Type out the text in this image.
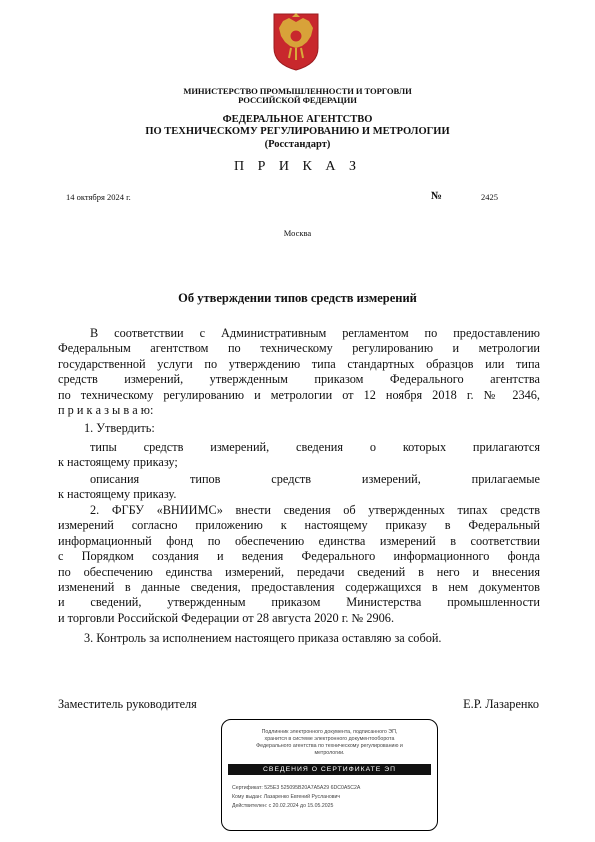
МИНИСТЕРСТВО ПРОМЫШЛЕННОСТИ И ТОРГОВЛИ
РОССИЙСКОЙ ФЕДЕРАЦИИ
ФЕДЕРАЛЬНОЕ АГЕНТСТВО
ПО ТЕХНИЧЕСКОМУ РЕГУЛИРОВАНИЮ И МЕТРОЛОГИИ
(Росстандарт)
П Р И К А З
14 октября 2024 г.	№	2425
Москва
Об утверждении типов средств измерений
В соответствии с Административным регламентом по предоставлению
Федеральным агентством по техническому регулированию и метрологии
государственной услуги по утверждению типа стандартных образцов или типа
средств измерений, утвержденным приказом Федерального агентства
по техническому регулированию и метрологии от 12 ноября 2018 г. № 2346,
п р и к а з ы в а ю:
1. Утвердить:
типы средств измерений, сведения о которых прилагаются
к настоящему приказу;
описания типов средств измерений, прилагаемые
к настоящему приказу.
2. ФГБУ «ВНИИМС» внести сведения об утвержденных типах средств
измерений согласно приложению к настоящему приказу в Федеральный
информационный фонд по обеспечению единства измерений в соответствии
с Порядком создания и ведения Федерального информационного фонда
по обеспечению единства измерений, передачи сведений в него и внесения
изменений в данные сведения, предоставления содержащихся в нем документов
и сведений, утвержденным приказом Министерства промышленности
и торговли Российской Федерации от 28 августа 2020 г. № 2906.
3. Контроль за исполнением настоящего приказа оставляю за собой.
Заместитель руководителя	Е.Р. Лазаренко
Подлинник электронного документа, подписанного ЭП,
хранится в системе электронного документооборота
Федерального агентства по техническому регулированию и
метрологии.
СВЕДЕНИЯ О СЕРТИФИКАТЕ ЭП
Сертификат: 525E3 525095B20A7A5A29 6DC0A5C2A
Кому выдан: Лазаренко Евгений Русланович
Действителен: с 20.02.2024 до 15.05.2025
